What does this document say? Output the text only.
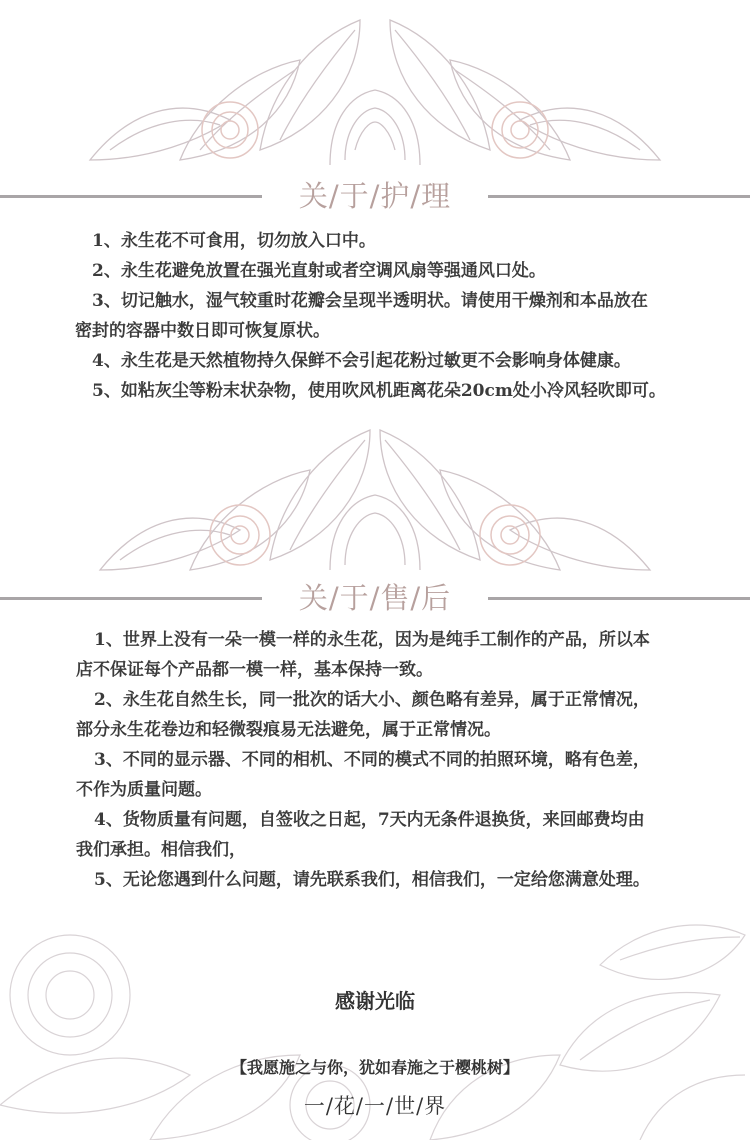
关/于/护/理

1、永生花不可食用，切勿放入口中。

2、永生花避免放置在强光直射或者空调风扇等强通风口处。

3、切记触水，湿气较重时花瓣会呈现半透明状。请使用干燥剂和本品放在

密封的容器中数日即可恢复原状。

4、永生花是天然植物持久保鲜不会引起花粉过敏更不会影响身体健康。

5、如粘灰尘等粉末状杂物，使用吹风机距离花朵20cm处小冷风轻吹即可。

关/于/售/后

1、世界上没有一朵一模一样的永生花，因为是纯手工制作的产品，所以本

店不保证每个产品都一模一样，基本保持一致。

2、永生花自然生长，同一批次的话大小、颜色略有差异，属于正常情况，

部分永生花卷边和轻微裂痕易无法避免，属于正常情况。

3、不同的显示器、不同的相机、不同的模式不同的拍照环境，略有色差，

不作为质量问题。

4、货物质量有问题，自签收之日起，7天内无条件退换货，来回邮费均由

我们承担。相信我们，

5、无论您遇到什么问题，请先联系我们，相信我们，一定给您满意处理。

感谢光临
【我愿施之与你，犹如春施之于樱桃树】
一/花/一/世/界
